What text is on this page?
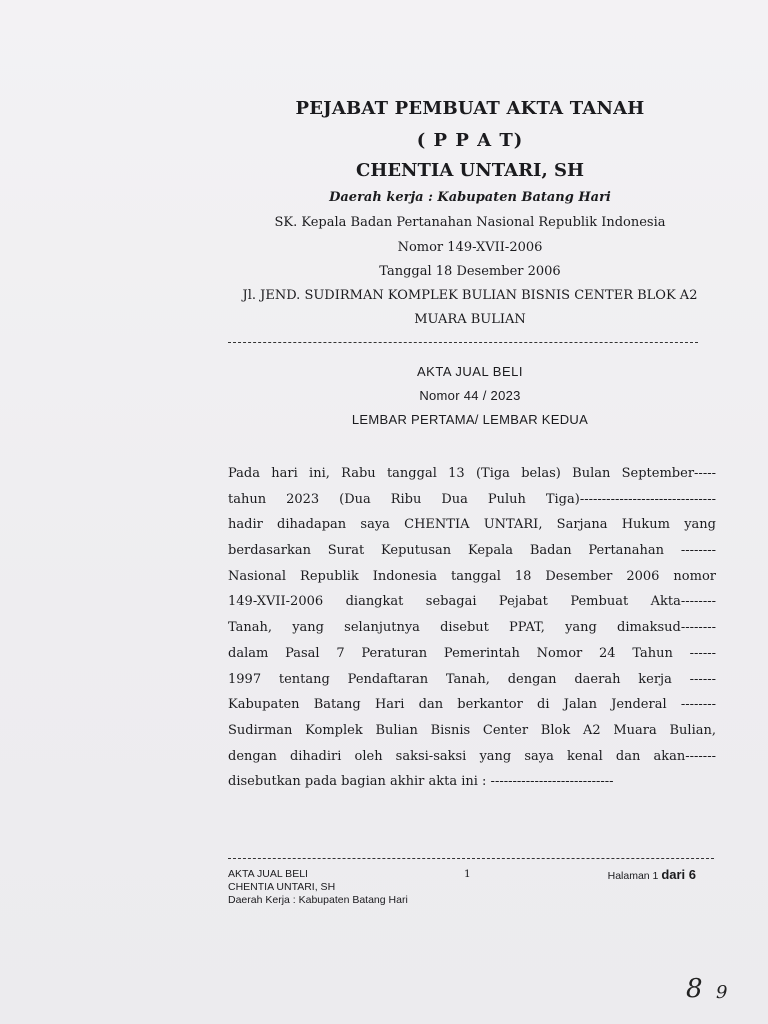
PEJABAT PEMBUAT AKTA TANAH
( P P A T)
CHENTIA UNTARI, SH
Daerah kerja : Kabupaten Batang Hari
SK. Kepala Badan Pertanahan Nasional Republik Indonesia
Nomor 149-XVII-2006
Tanggal 18 Desember 2006
Jl. JEND. SUDIRMAN KOMPLEK BULIAN BISNIS CENTER BLOK A2
MUARA BULIAN
AKTA JUAL BELI
Nomor 44 / 2023
LEMBAR PERTAMA/ LEMBAR KEDUA
Pada hari ini, Rabu tanggal 13 (Tiga belas) Bulan September-----
tahun 2023 (Dua Ribu Dua Puluh Tiga)-------------------------------
hadir dihadapan saya CHENTIA UNTARI, Sarjana Hukum yang
berdasarkan Surat Keputusan Kepala Badan Pertanahan --------
Nasional Republik Indonesia tanggal 18 Desember 2006 nomor
149-XVII-2006 diangkat sebagai Pejabat Pembuat Akta--------
Tanah, yang selanjutnya disebut PPAT, yang dimaksud--------
dalam Pasal 7 Peraturan Pemerintah Nomor 24 Tahun ------
1997 tentang Pendaftaran Tanah, dengan daerah kerja ------
Kabupaten Batang Hari dan berkantor di Jalan Jenderal --------
Sudirman Komplek Bulian Bisnis Center Blok A2 Muara Bulian,
dengan dihadiri oleh saksi-saksi yang saya kenal dan akan-------
disebutkan pada bagian akhir akta ini : ----------------------------
AKTA JUAL BELI	1	Halaman 1 dari 6
CHENTIA UNTARI, SH
Daerah Kerja : Kabupaten Batang Hari
8 9
